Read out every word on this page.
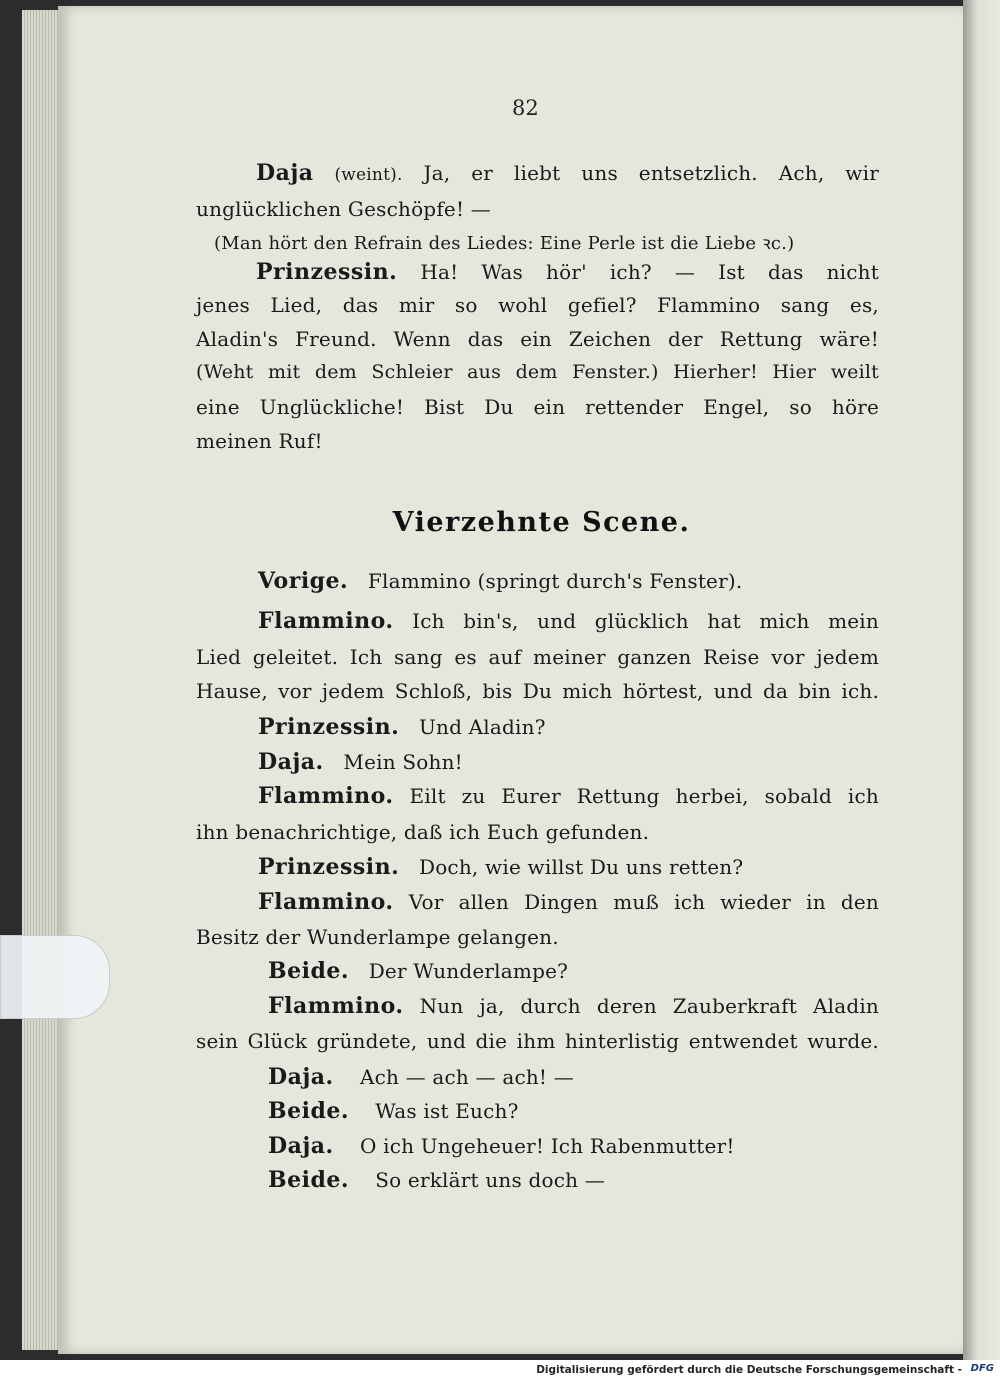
82
Daja (weint). Ja, er liebt uns entsetzlich. Ach, wir
unglücklichen Geschöpfe! —
(Man hört den Refrain des Liedes: Eine Perle ist die Liebe ꝛc.)
Prinzessin. Ha! Was hör' ich? — Ist das nicht
jenes Lied, das mir so wohl gefiel? Flammino sang es,
Aladin's Freund. Wenn das ein Zeichen der Rettung wäre!
(Weht mit dem Schleier aus dem Fenster.) Hierher! Hier weilt
eine Unglückliche! Bist Du ein rettender Engel, so höre
meinen Ruf!
Vierzehnte Scene.
Vorige. Flammino (springt durch's Fenster).
Flammino. Ich bin's, und glücklich hat mich mein
Lied geleitet. Ich sang es auf meiner ganzen Reise vor jedem
Hause, vor jedem Schloß, bis Du mich hörtest, und da bin ich.
Prinzessin. Und Aladin?
Daja. Mein Sohn!
Flammino. Eilt zu Eurer Rettung herbei, sobald ich
ihn benachrichtige, daß ich Euch gefunden.
Prinzessin. Doch, wie willst Du uns retten?
Flammino. Vor allen Dingen muß ich wieder in den
Besitz der Wunderlampe gelangen.
Beide. Der Wunderlampe?
Flammino. Nun ja, durch deren Zauberkraft Aladin
sein Glück gründete, und die ihm hinterlistig entwendet wurde.
Daja. Ach — ach — ach! —
Beide. Was ist Euch?
Daja. O ich Ungeheuer! Ich Rabenmutter!
Beide. So erklärt uns doch —
Digitalisierung gefördert durch die Deutsche Forschungsgemeinschaft - DFG
